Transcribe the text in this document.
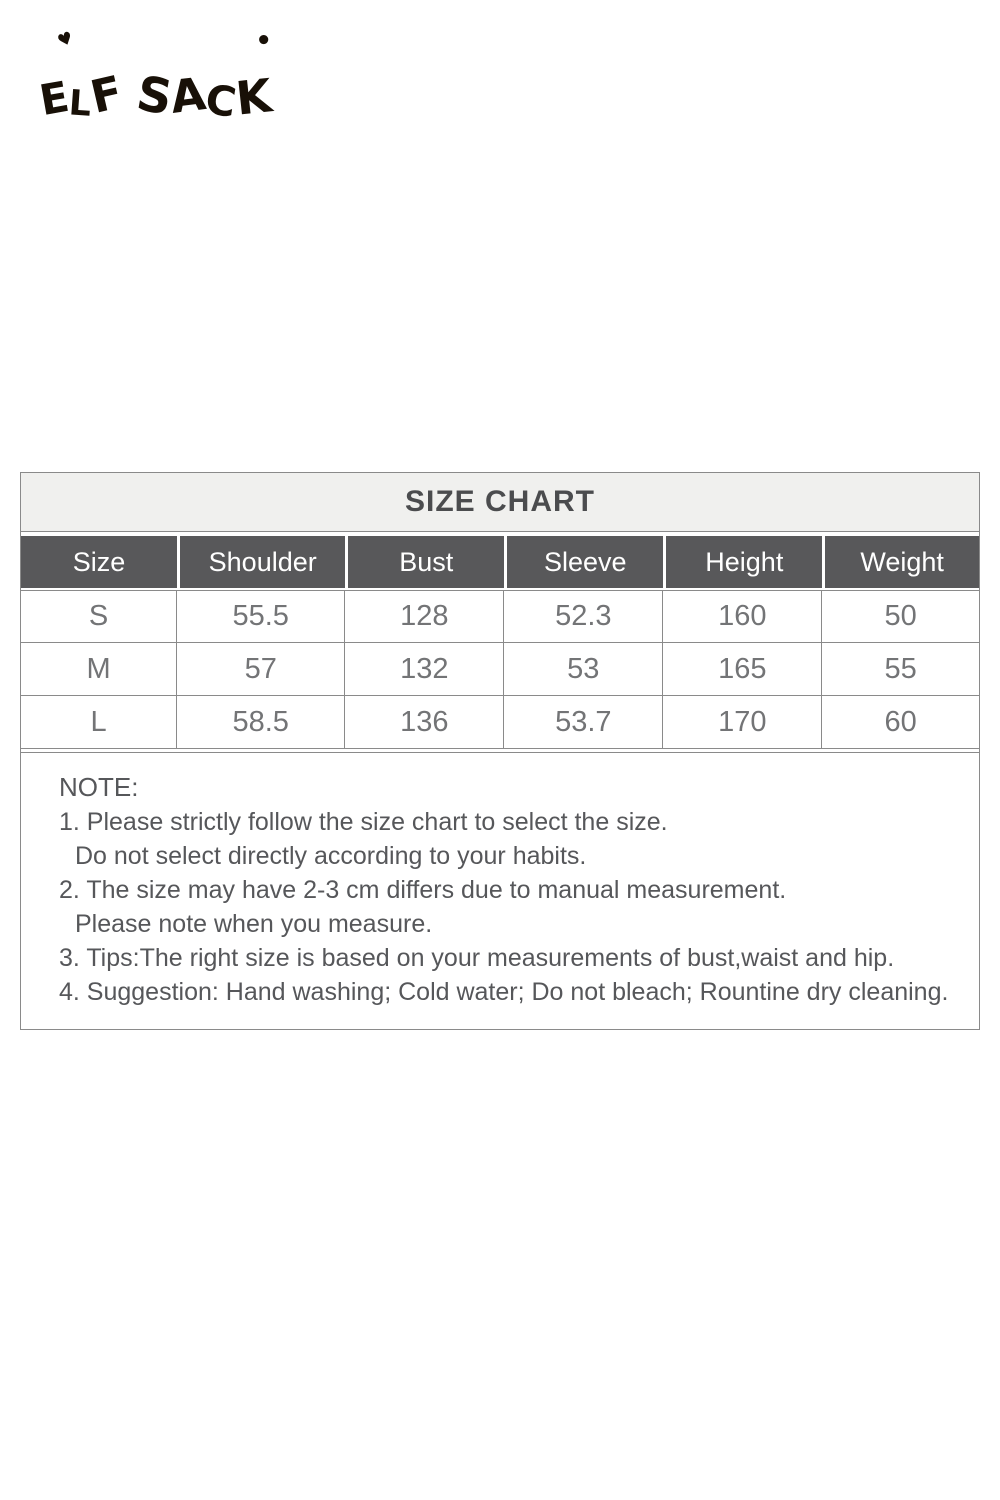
♥
E
L
F S
A
C
K
•
SIZE CHART
Size	Shoulder	Bust	Sleeve	Height	Weight
S	55.5	128	52.3	160	50
M	57	132	53	165	55
L	58.5	136	53.7	170	60
NOTE:
1. Please strictly follow the size chart to select the size.
Do not select directly according to your habits.
2. The size may have 2-3 cm differs due to manual measurement.
Please note when you measure.
3. Tips:The right size is based on your measurements of bust,waist and hip.
4. Suggestion: Hand washing; Cold water; Do not bleach; Rountine dry cleaning.
